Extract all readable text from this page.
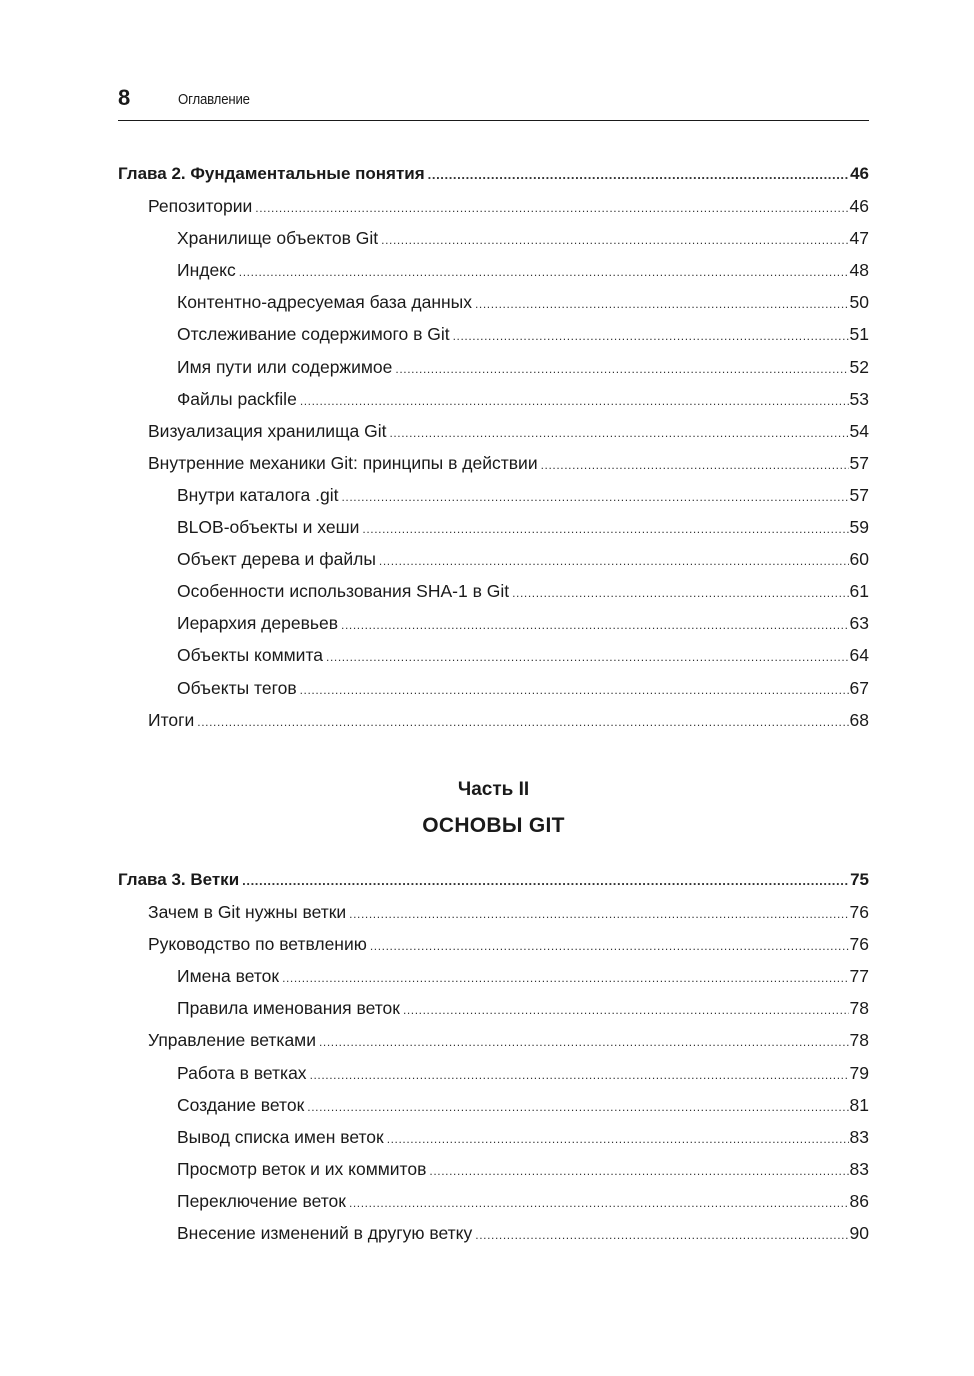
8	Оглавление
Глава 2. Фундаментальные понятия .....	46
Репозитории .....	46
Хранилище объектов Git .....	47
Индекс .....	48
Контентно-адресуемая база данных .....	50
Отслеживание содержимого в Git .....	51
Имя пути или содержимое .....	52
Файлы packfile .....	53
Визуализация хранилища Git .....	54
Внутренние механики Git: принципы в действии .....	57
Внутри каталога .git .....	57
BLOB-объекты и хеши .....	59
Объект дерева и файлы .....	60
Особенности использования SHA-1 в Git .....	61
Иерархия деревьев .....	63
Объекты коммита .....	64
Объекты тегов .....	67
Итоги .....	68
Часть II
ОСНОВЫ GIT
Глава 3. Ветки .....	75
Зачем в Git нужны ветки .....	76
Руководство по ветвлению .....	76
Имена веток .....	77
Правила именования веток .....	78
Управление ветками .....	78
Работа в ветках .....	79
Создание веток .....	81
Вывод списка имен веток .....	83
Просмотр веток и их коммитов .....	83
Переключение веток .....	86
Внесение изменений в другую ветку .....	90
